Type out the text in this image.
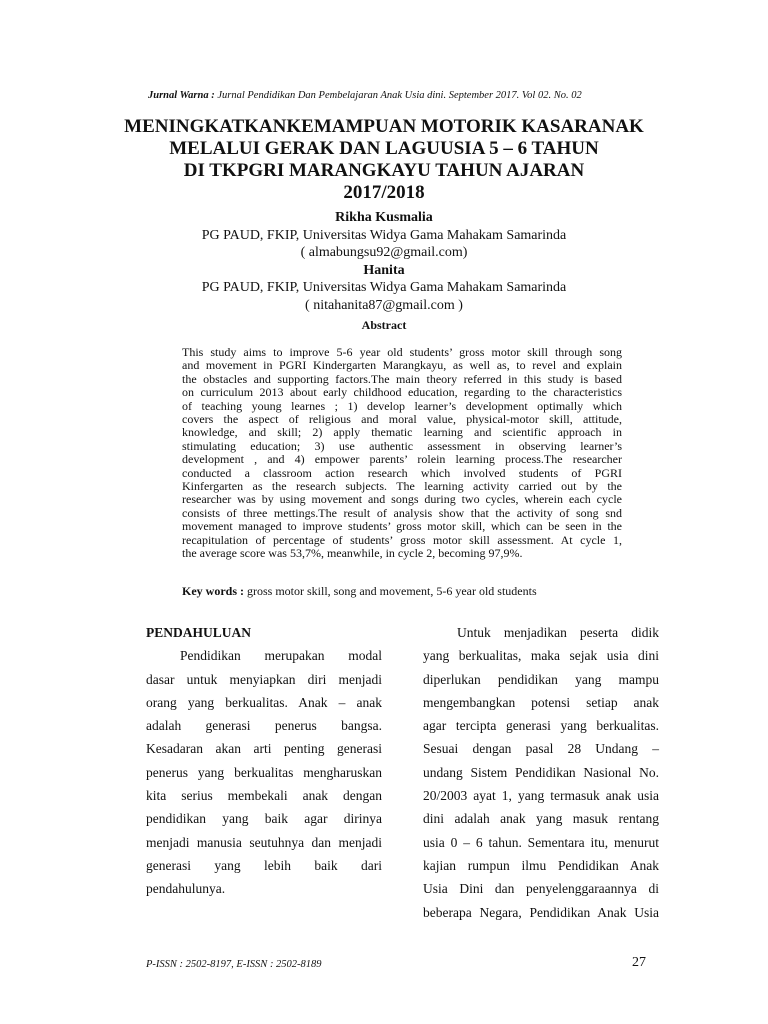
Jurnal Warna : Jurnal Pendidikan Dan Pembelajaran Anak Usia dini. September 2017. Vol 02. No. 02
MENINGKATKANKEMAMPUAN MOTORIK KASARANAK
MELALUI GERAK DAN LAGUUSIA 5 – 6 TAHUN
DI TKPGRI MARANGKAYU TAHUN AJARAN
2017/2018
Rikha Kusmalia
PG PAUD, FKIP, Universitas Widya Gama Mahakam Samarinda
( almabungsu92@gmail.com)
Hanita
PG PAUD, FKIP, Universitas Widya Gama Mahakam Samarinda
( nitahanita87@gmail.com )
Abstract
This study aims to improve 5-6 year old students’ gross motor skill through song
and movement in PGRI Kindergarten Marangkayu, as well as, to revel and explain
the obstacles and supporting factors.The main theory referred in this study is based
on curriculum 2013 about early childhood education, regarding to the characteristics
of teaching young learnes ; 1) develop learner’s development optimally which
covers the aspect of religious and moral value, physical-motor skill, attitude,
knowledge, and skill; 2) apply thematic learning and scientific approach in
stimulating education; 3) use authentic assessment in observing learner’s
development , and 4) empower parents’ rolein learning process.The researcher
conducted a classroom action research which involved students of PGRI
Kinfergarten as the research subjects. The learning activity carried out by the
researcher was by using movement and songs during two cycles, wherein each cycle
consists of three mettings.The result of analysis show that the activity of song snd
movement managed to improve students’ gross motor skill, which can be seen in the
recapitulation of percentage of students’ gross motor skill assessment. At cycle 1,
the average score was 53,7%, meanwhile, in cycle 2, becoming 97,9%.
Key words : gross motor skill, song and movement, 5-6 year old students
PENDAHULUAN
Pendidikan merupakan modal
dasar untuk menyiapkan diri menjadi
orang yang berkualitas. Anak – anak
adalah generasi penerus bangsa.
Kesadaran akan arti penting generasi
penerus yang berkualitas mengharuskan
kita serius membekali anak dengan
pendidikan yang baik agar dirinya
menjadi manusia seutuhnya dan menjadi
generasi yang lebih baik dari
pendahulunya.
Untuk menjadikan peserta didik
yang berkualitas, maka sejak usia dini
diperlukan pendidikan yang mampu
mengembangkan potensi setiap anak
agar tercipta generasi yang berkualitas.
Sesuai dengan pasal 28 Undang –
undang Sistem Pendidikan Nasional No.
20/2003 ayat 1, yang termasuk anak usia
dini adalah anak yang masuk rentang
usia 0 – 6 tahun. Sementara itu, menurut
kajian rumpun ilmu Pendidikan Anak
Usia Dini dan penyelenggaraannya di
beberapa Negara, Pendidikan Anak Usia
P-ISSN : 2502-8197, E-ISSN : 2502-8189	27
